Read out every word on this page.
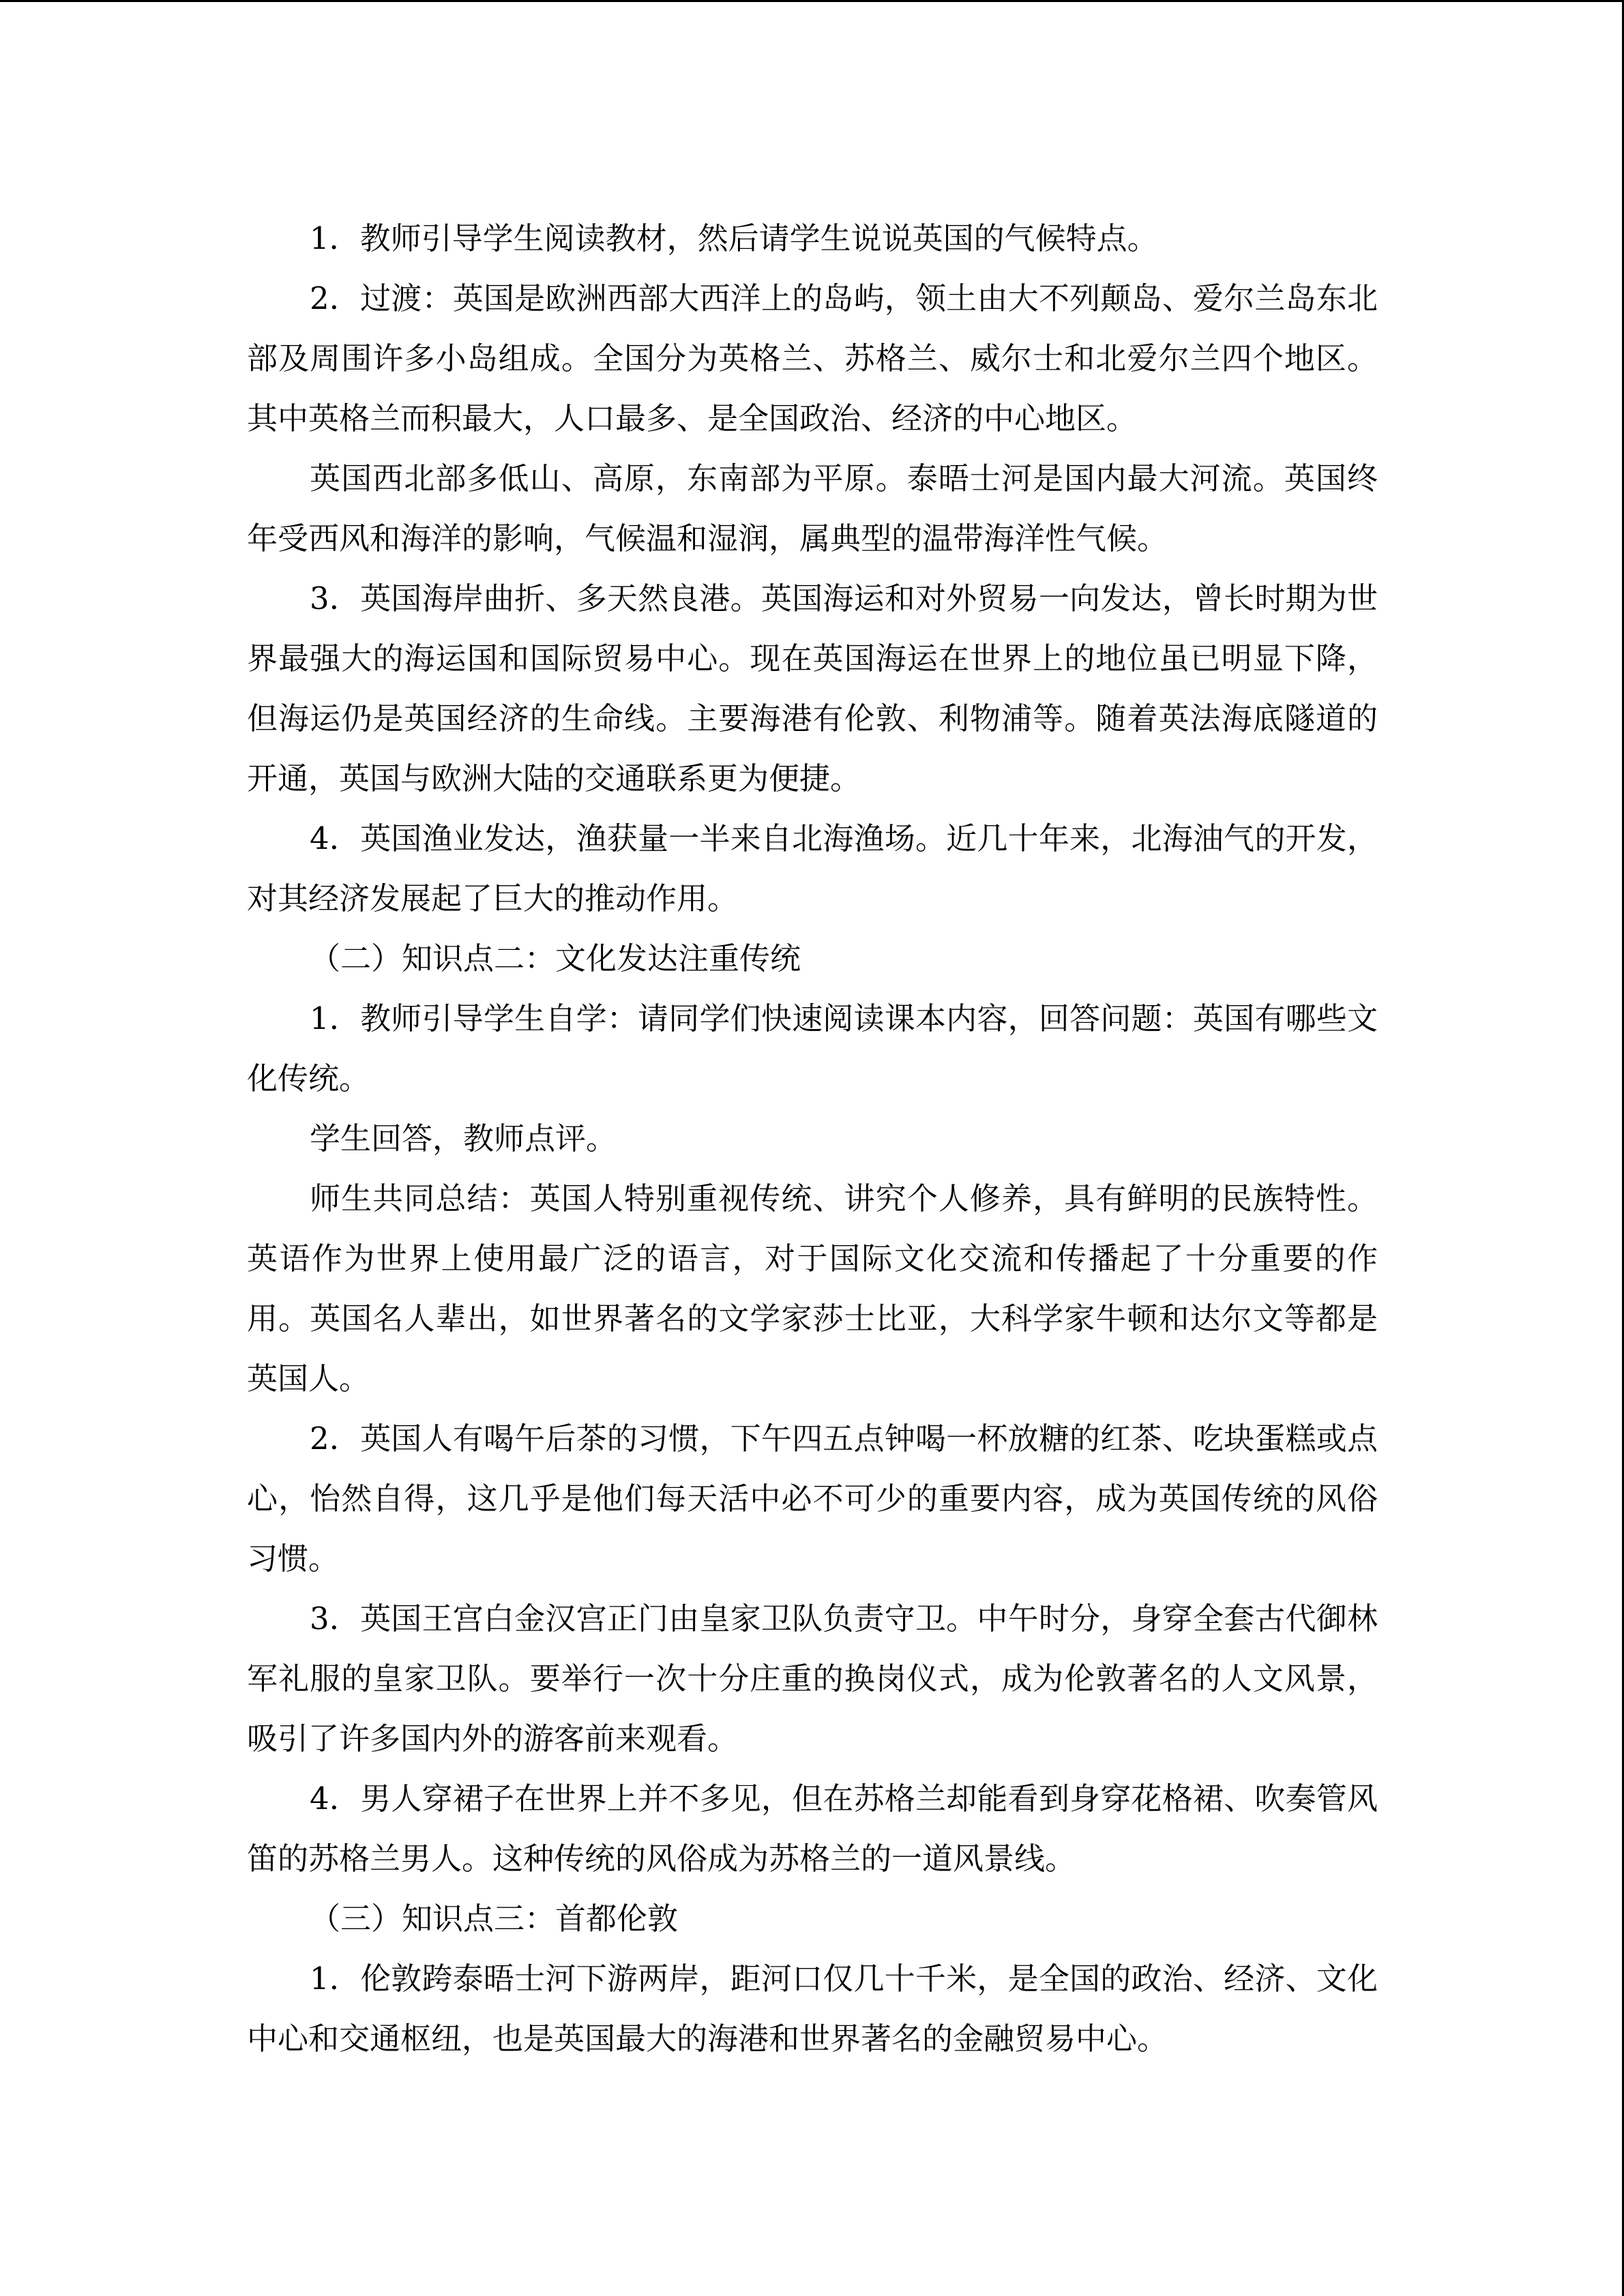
1．教师引导学生阅读教材，然后请学生说说英国的气候特点。

2．过渡：英国是欧洲西部大西洋上的岛屿，领土由大不列颠岛、爱尔兰岛东北部及周围许多小岛组成。全国分为英格兰、苏格兰、威尔士和北爱尔兰四个地区。其中英格兰而积最大，人口最多、是全国政治、经济的中心地区。

英国西北部多低山、高原，东南部为平原。泰晤士河是国内最大河流。英国终年受西风和海洋的影响，气候温和湿润，属典型的温带海洋性气候。

3．英国海岸曲折、多天然良港。英国海运和对外贸易一向发达，曾长时期为世界最强大的海运国和国际贸易中心。现在英国海运在世界上的地位虽已明显下降，但海运仍是英国经济的生命线。主要海港有伦敦、利物浦等。随着英法海底隧道的开通，英国与欧洲大陆的交通联系更为便捷。

4．英国渔业发达，渔获量一半来自北海渔场。近几十年来，北海油气的开发，对其经济发展起了巨大的推动作用。

（二）知识点二：文化发达注重传统

1．教师引导学生自学：请同学们快速阅读课本内容，回答问题：英国有哪些文化传统。

学生回答，教师点评。

师生共同总结：英国人特别重视传统、讲究个人修养，具有鲜明的民族特性。英语作为世界上使用最广泛的语言，对于国际文化交流和传播起了十分重要的作用。英国名人辈出，如世界著名的文学家莎士比亚，大科学家牛顿和达尔文等都是英国人。

2．英国人有喝午后茶的习惯，下午四五点钟喝一杯放糖的红茶、吃块蛋糕或点心，怡然自得，这几乎是他们每天活中必不可少的重要内容，成为英国传统的风俗习惯。

3．英国王宫白金汉宫正门由皇家卫队负责守卫。中午时分，身穿全套古代御林军礼服的皇家卫队。要举行一次十分庄重的换岗仪式，成为伦敦著名的人文风景，吸引了许多国内外的游客前来观看。

4．男人穿裙子在世界上并不多见，但在苏格兰却能看到身穿花格裙、吹奏管风笛的苏格兰男人。这种传统的风俗成为苏格兰的一道风景线。

（三）知识点三：首都伦敦

1．伦敦跨泰晤士河下游两岸，距河口仅几十千米，是全国的政治、经济、文化中心和交通枢纽，也是英国最大的海港和世界著名的金融贸易中心。
